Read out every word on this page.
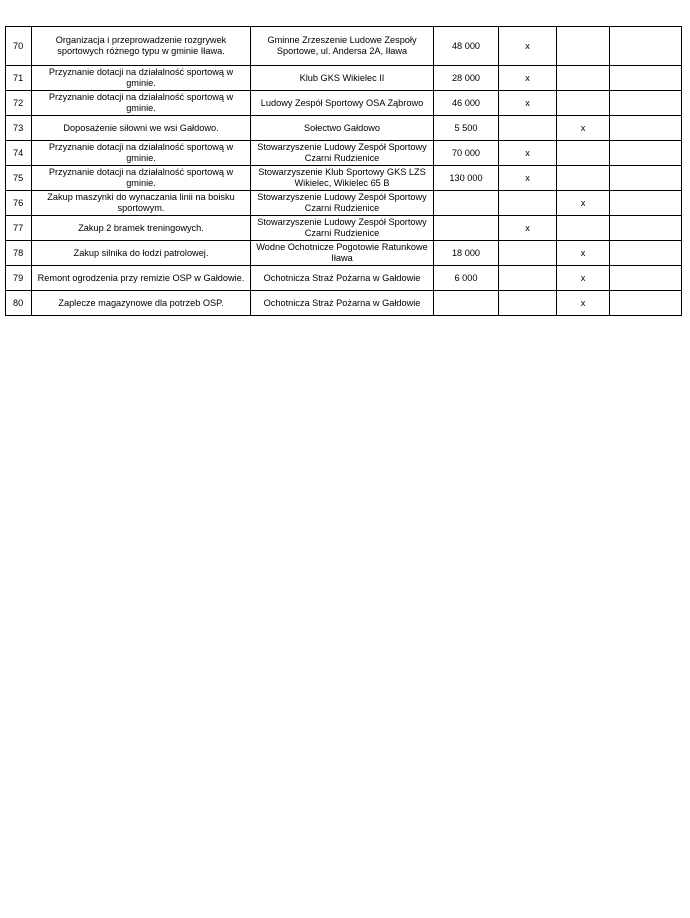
70	Organizacja i przeprowadzenie rozgrywek sportowych różnego typu w gminie Iława.	Gminne Zrzeszenie Ludowe Zespoły Sportowe, ul. Andersa 2A, Iława	48 000	x		
71	Przyznanie dotacji na działalność sportową w gminie.	Klub GKS Wikielec II	28 000	x		
72	Przyznanie dotacji na działalność sportową w gminie.	Ludowy Zespół Sportowy OSA Ząbrowo	46 000	x		
73	Doposażenie siłowni we wsi Gałdowo.	Sołectwo Gałdowo	5 500		x	
74	Przyznanie dotacji na działalność sportową w gminie.	Stowarzyszenie Ludowy Zespół Sportowy Czarni Rudzienice	70 000	x		
75	Przyznanie dotacji na działalność sportową w gminie.	Stowarzyszenie Klub Sportowy GKS LZS Wikielec, Wikielec 65 B	130 000	x		
76	Zakup maszynki do wynaczania linii na boisku sportowym.	Stowarzyszenie Ludowy Zespół Sportowy Czarni Rudzienice			x	
77	Zakup 2 bramek treningowych.	Stowarzyszenie Ludowy Zespół Sportowy Czarni Rudzienice		x		
78	Zakup silnika do łodzi patrolowej.	Wodne Ochotnicze Pogotowie Ratunkowe Iława	18 000		x	
79	Remont ogrodzenia przy remizie OSP w Gałdowie.	Ochotnicza Straż Pożarna w Gałdowie	6 000		x	
80	Zaplecze magazynowe dla potrzeb OSP.	Ochotnicza Straż Pożarna w Gałdowie			x	
